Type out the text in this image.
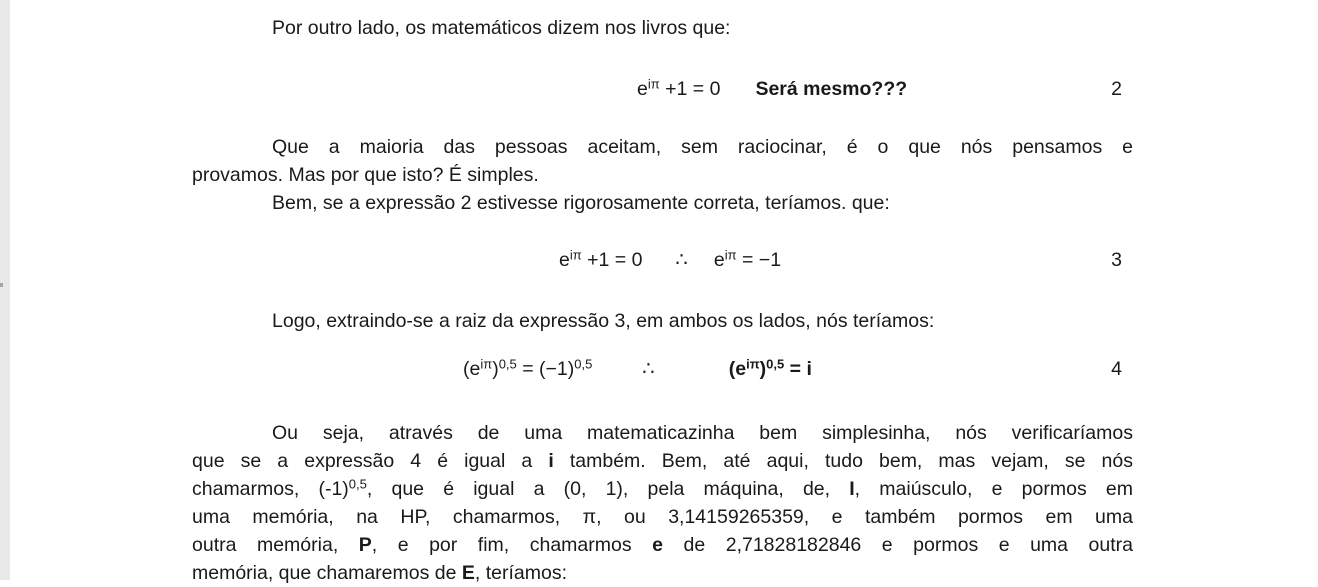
Por outro lado, os matemáticos dizem nos livros que:
$e^{i\pi} +1 = 0$ Será mesmo???	2
Que a maioria das pessoas aceitam, sem raciocinar, é o que nós pensamos e
provamos. Mas por que isto? É simples.
Bem, se a expressão 2 estivesse rigorosamente correta, teríamos. que:
$e^{i\pi} +1 = 0$ ∴ $e^{i\pi} = -1$	3
Logo, extraindo-se a raiz da expressão 3, em ambos os lados, nós teríamos:
$(e^{i\pi})^{0,5} = (-1)^{0,5}$	∴	$(e^{i\pi})^{0,5} = i$	4
Ou seja, através de uma matematicazinha bem simplesinha, nós verificaríamos
que se a expressão 4 é igual a i também. Bem, até aqui, tudo bem, mas vejam, se nós
chamarmos, $(-1)^{0,5}$, que é igual a (0, 1), pela máquina, de, I, maiúsculo, e pormos em
uma memória, na HP, chamarmos, π, ou 3,14159265359, e também pormos em uma
outra memória, P, e por fim, chamarmos e de 2,71828182846 e pormos e uma outra
memória, que chamaremos de E, teríamos:
